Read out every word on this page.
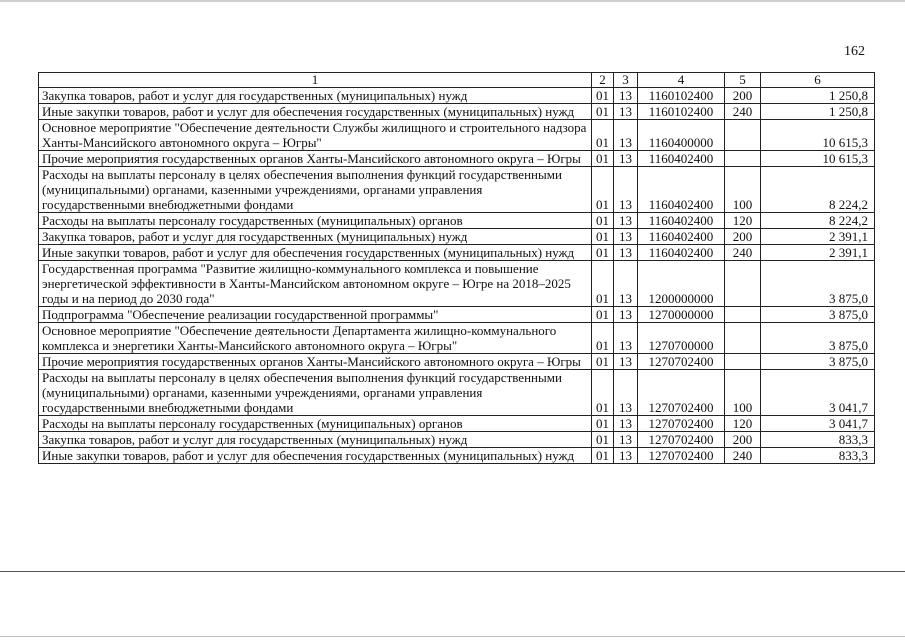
162
1	2	3	4	5	6
Закупка товаров, работ и услуг для государственных (муниципальных) нужд	01	13	1160102400	200	1 250,8
Иные закупки товаров, работ и услуг для обеспечения государственных (муниципальных) нужд	01	13	1160102400	240	1 250,8
Основное мероприятие "Обеспечение деятельности Службы жилищного и строительного надзора Ханты-Мансийского автономного округа – Югры"	01	13	1160400000		10 615,3
Прочие мероприятия государственных органов Ханты-Мансийского автономного округа – Югры	01	13	1160402400		10 615,3
Расходы на выплаты персоналу в целях обеспечения выполнения функций государственными (муниципальными) органами, казенными учреждениями, органами управления государственными внебюджетными фондами	01	13	1160402400	100	8 224,2
Расходы на выплаты персоналу государственных (муниципальных) органов	01	13	1160402400	120	8 224,2
Закупка товаров, работ и услуг для государственных (муниципальных) нужд	01	13	1160402400	200	2 391,1
Иные закупки товаров, работ и услуг для обеспечения государственных (муниципальных) нужд	01	13	1160402400	240	2 391,1
Государственная программа "Развитие жилищно-коммунального комплекса и повышение энергетической эффективности в Ханты-Мансийском автономном округе – Югре на 2018–2025 годы и на период до 2030 года"	01	13	1200000000		3 875,0
Подпрограмма "Обеспечение реализации государственной программы"	01	13	1270000000		3 875,0
Основное мероприятие "Обеспечение деятельности Департамента жилищно-коммунального комплекса и энергетики Ханты-Мансийского автономного округа – Югры"	01	13	1270700000		3 875,0
Прочие мероприятия государственных органов Ханты-Мансийского автономного округа – Югры	01	13	1270702400		3 875,0
Расходы на выплаты персоналу в целях обеспечения выполнения функций государственными (муниципальными) органами, казенными учреждениями, органами управления государственными внебюджетными фондами	01	13	1270702400	100	3 041,7
Расходы на выплаты персоналу государственных (муниципальных) органов	01	13	1270702400	120	3 041,7
Закупка товаров, работ и услуг для государственных (муниципальных) нужд	01	13	1270702400	200	833,3
Иные закупки товаров, работ и услуг для обеспечения государственных (муниципальных) нужд	01	13	1270702400	240	833,3
